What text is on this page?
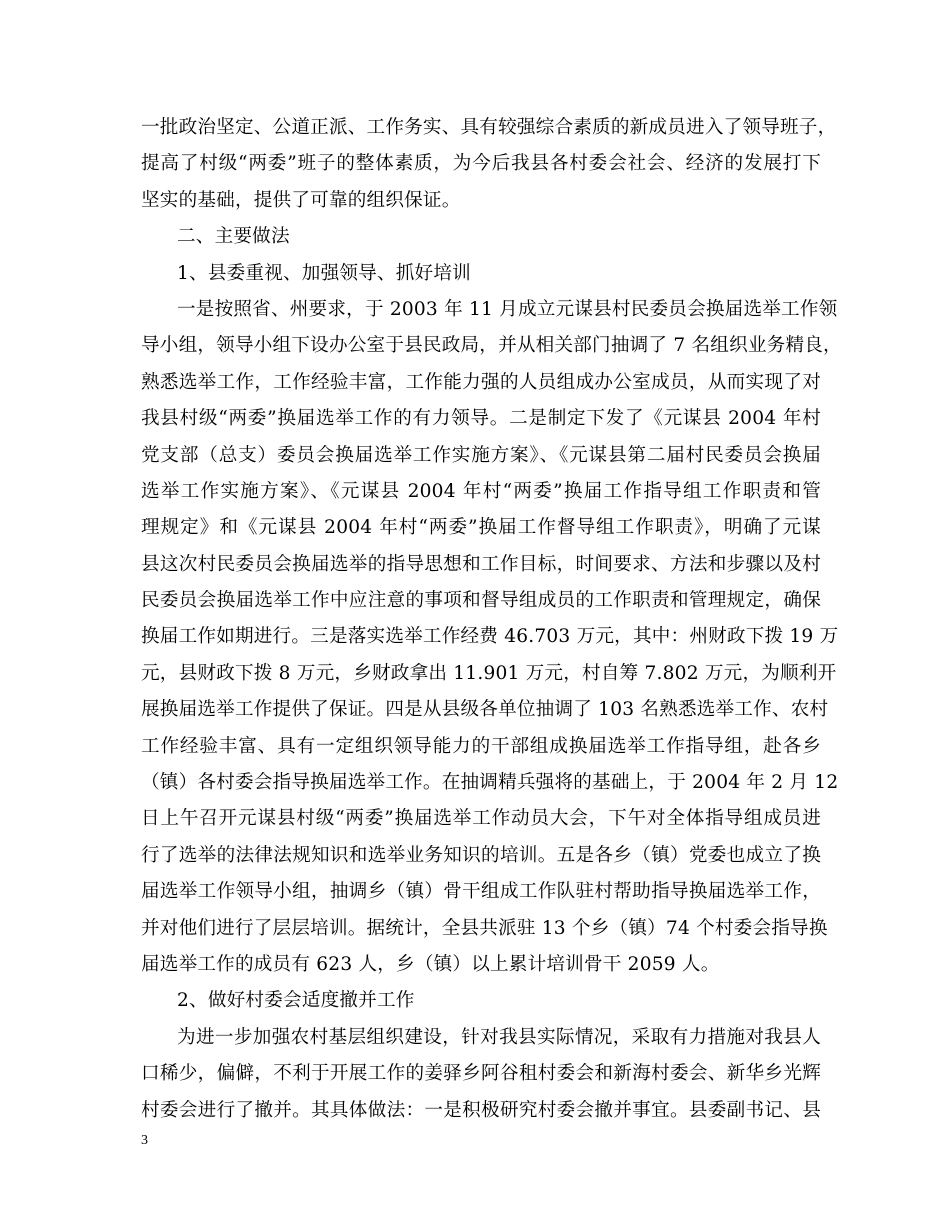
一批政治坚定、公道正派、工作务实、具有较强综合素质的新成员进入了领导班子，
提高了村级“两委”班子的整体素质，为今后我县各村委会社会、经济的发展打下
坚实的基础，提供了可靠的组织保证。
二、主要做法
1、县委重视、加强领导、抓好培训
一是按照省、州要求，于 2003 年 11 月成立元谋县村民委员会换届选举工作领
导小组，领导小组下设办公室于县民政局，并从相关部门抽调了 7 名组织业务精良，
熟悉选举工作，工作经验丰富，工作能力强的人员组成办公室成员，从而实现了对
我县村级“两委”换届选举工作的有力领导。二是制定下发了《元谋县 2004 年村
党支部（总支）委员会换届选举工作实施方案》、《元谋县第二届村民委员会换届
选举工作实施方案》、《元谋县 2004 年村“两委”换届工作指导组工作职责和管
理规定》和《元谋县 2004 年村“两委”换届工作督导组工作职责》，明确了元谋
县这次村民委员会换届选举的指导思想和工作目标，时间要求、方法和步骤以及村
民委员会换届选举工作中应注意的事项和督导组成员的工作职责和管理规定，确保
换届工作如期进行。三是落实选举工作经费 46.703 万元，其中：州财政下拨 19 万
元，县财政下拨 8 万元，乡财政拿出 11.901 万元，村自筹 7.802 万元，为顺利开
展换届选举工作提供了保证。四是从县级各单位抽调了 103 名熟悉选举工作、农村
工作经验丰富、具有一定组织领导能力的干部组成换届选举工作指导组，赴各乡
（镇）各村委会指导换届选举工作。在抽调精兵强将的基础上，于 2004 年 2 月 12
日上午召开元谋县村级“两委”换届选举工作动员大会，下午对全体指导组成员进
行了选举的法律法规知识和选举业务知识的培训。五是各乡（镇）党委也成立了换
届选举工作领导小组，抽调乡（镇）骨干组成工作队驻村帮助指导换届选举工作，
并对他们进行了层层培训。据统计，全县共派驻 13 个乡（镇）74 个村委会指导换
届选举工作的成员有 623 人，乡（镇）以上累计培训骨干 2059 人。
2、做好村委会适度撤并工作
为进一步加强农村基层组织建设，针对我县实际情况，采取有力措施对我县人
口稀少，偏僻，不利于开展工作的姜驿乡阿谷租村委会和新海村委会、新华乡光辉
村委会进行了撤并。其具体做法：一是积极研究村委会撤并事宜。县委副书记、县
3
